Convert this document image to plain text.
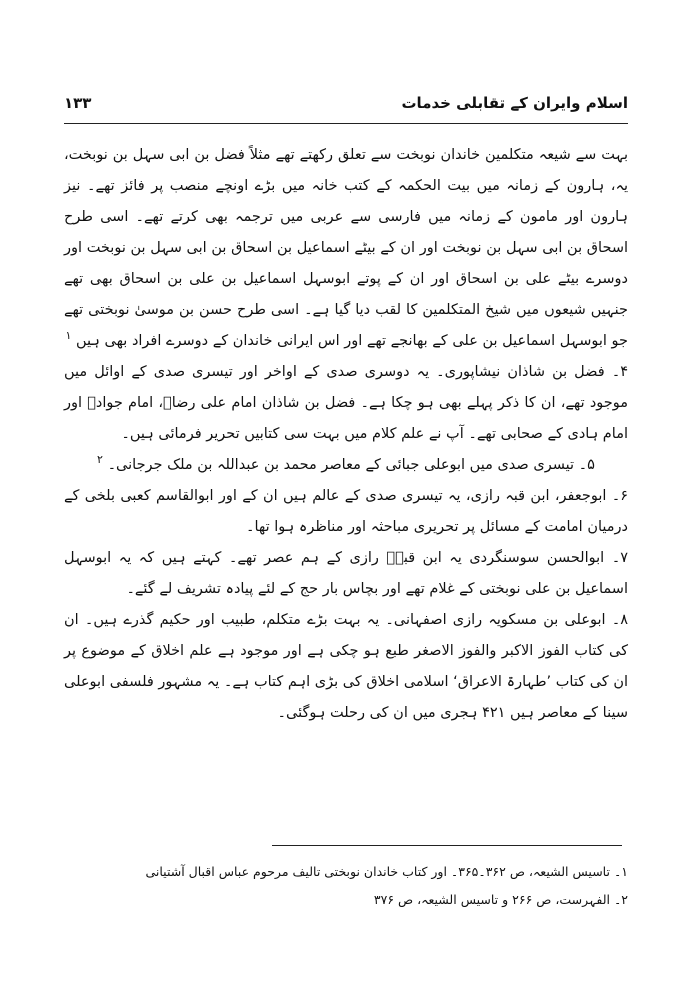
اسلام وایران کے تقابلی خدمات
۱۳۳

بہت سے شیعہ متکلمین خاندان نوبخت سے تعلق رکھتے تھے مثلاً فضل بن ابی سہل بن نوبخت، یہ، ہارون کے زمانہ میں بیت الحکمہ کے کتب خانہ میں بڑے اونچے منصب پر فائز تھے۔ نیز ہارون اور مامون کے زمانہ میں فارسی سے عربی میں ترجمہ بھی کرتے تھے۔ اسی طرح اسحاق بن ابی سہل بن نوبخت اور ان کے بیٹے اسماعیل بن اسحاق بن ابی سہل بن نوبخت اور دوسرے بیٹے علی بن اسحاق اور ان کے پوتے ابوسہل اسماعیل بن علی بن اسحاق بھی تھے جنہیں شیعوں میں شیخ المتکلمین کا لقب دیا گیا ہے۔ اسی طرح حسن بن موسیٰ نوبختی تھے جو ابوسہل اسماعیل بن علی کے بھانجے تھے اور اس ایرانی خاندان کے دوسرے افراد بھی ہیں $^۱$

۴۔ فضل بن شاذان نیشاپوری۔ یہ دوسری صدی کے اواخر اور تیسری صدی کے اوائل میں موجود تھے، ان کا ذکر پہلے بھی ہو چکا ہے۔ فضل بن شاذان امام علی رضاؑ، امام جوادؑ اور امام ہادی کے صحابی تھے۔ آپ نے علم کلام میں بہت سی کتابیں تحریر فرمائی ہیں۔

۵۔ تیسری صدی میں ابوعلی جبائی کے معاصر محمد بن عبداللہ بن ملک جرجانی۔ $^۲$

۶۔ ابوجعفر، ابن قبہ رازی، یہ تیسری صدی کے عالم ہیں ان کے اور ابوالقاسم کعبی بلخی کے درمیان امامت کے مسائل پر تحریری مباحثہ اور مناظرہ ہوا تھا۔

۷۔ ابوالحسن سوسنگردی یہ ابن قبہؒ رازی کے ہم عصر تھے۔ کہتے ہیں کہ یہ ابوسہل اسماعیل بن علی نوبختی کے غلام تھے اور بچاس بار حج کے لئے پیادہ تشریف لے گئے۔

۸۔ ابوعلی بن مسکویہ رازی اصفہانی۔ یہ بہت بڑے متکلم، طبیب اور حکیم گذرے ہیں۔ ان کی کتاب الفوز الاکبر والفوز الاصغر طبع ہو چکی ہے اور موجود ہے علم اخلاق کے موضوع پر ان کی کتاب ’طہارۃ الاعراق‘ اسلامی اخلاق کی بڑی اہم کتاب ہے۔ یہ مشہور فلسفی ابوعلی سینا کے معاصر ہیں ۴۲۱ ہجری میں ان کی رحلت ہوگئی۔

۱۔ تاسیس الشیعہ، ص ۳۶۲۔۳۶۵۔ اور کتاب خاندان نوبختی تالیف مرحوم عباس اقبال آشتیانی
۲۔ الفہرست، ص ۲۶۶ و تاسیس الشیعہ، ص ۳۷۶
